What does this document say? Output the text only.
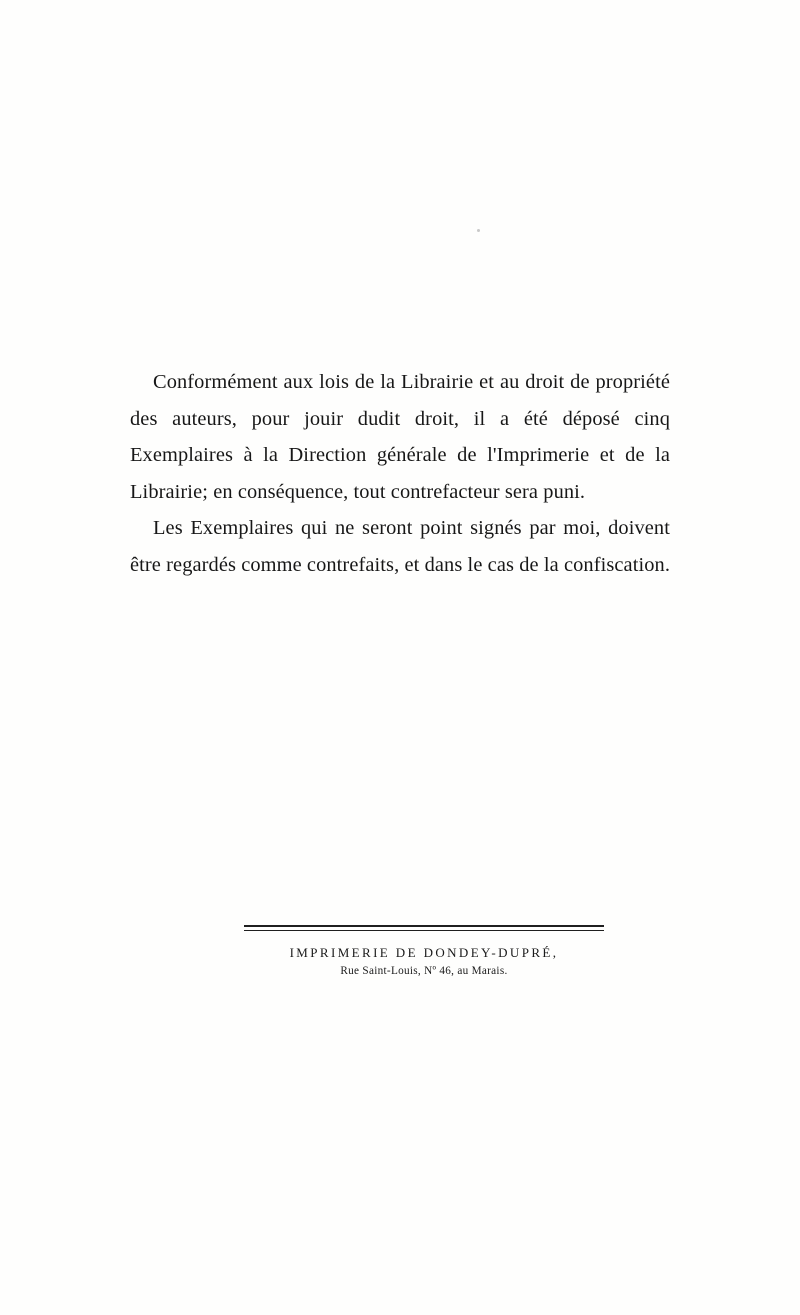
Conformément aux lois de la Librairie et au droit de propriété des auteurs, pour jouir dudit droit, il a été déposé cinq Exemplaires à la Direction générale de l'Imprimerie et de la Librairie; en conséquence, tout contrefacteur sera puni.

Les Exemplaires qui ne seront point signés par moi, doivent être regardés comme contrefaits, et dans le cas de la confiscation.

IMPRIMERIE DE DONDEY-DUPRÉ,
Rue Saint-Louis, Nº 46, au Marais.
